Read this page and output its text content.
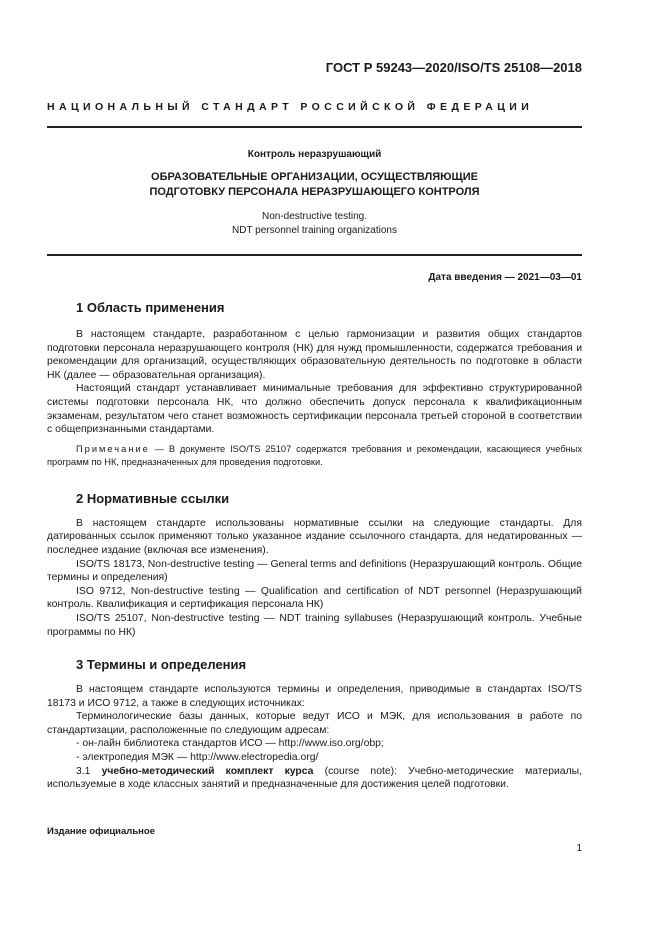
ГОСТ Р 59243—2020/ISO/TS 25108—2018
НАЦИОНАЛЬНЫЙ СТАНДАРТ РОССИЙСКОЙ ФЕДЕРАЦИИ
Контроль неразрушающий
ОБРАЗОВАТЕЛЬНЫЕ ОРГАНИЗАЦИИ, ОСУЩЕСТВЛЯЮЩИЕ
ПОДГОТОВКУ ПЕРСОНАЛА НЕРАЗРУШАЮЩЕГО КОНТРОЛЯ
Non-destructive testing.
NDT personnel training organizations
Дата введения — 2021—03—01
1 Область применения

В настоящем стандарте, разработанном с целью гармонизации и развития общих стандартов подготовки персонала неразрушающего контроля (НК) для нужд промышленности, содержатся требования и рекомендации для организаций, осуществляющих образовательную деятельность по подготовке в области НК (далее — образовательная организация).

Настоящий стандарт устанавливает минимальные требования для эффективно структурированной системы подготовки персонала НК, что должно обеспечить допуск персонала к квалификационным экзаменам, результатом чего станет возможность сертификации персонала третьей стороной в соответствии с общепризнанными стандартами.

Примечание — В документе ISO/TS 25107 содержатся требования и рекомендации, касающиеся учебных программ по НК, предназначенных для проведения подготовки.

2 Нормативные ссылки

В настоящем стандарте использованы нормативные ссылки на следующие стандарты. Для датированных ссылок применяют только указанное издание ссылочного стандарта, для недатированных — последнее издание (включая все изменения).

ISO/TS 18173, Non-destructive testing — General terms and definitions (Неразрушающий контроль. Общие термины и определения)

ISO 9712, Non-destructive testing — Qualification and certification of NDT personnel (Неразрушающий контроль. Квалификация и сертификация персонала НК)

ISO/TS 25107, Non-destructive testing — NDT training syllabuses (Неразрушающий контроль. Учебные программы по НК)

3 Термины и определения

В настоящем стандарте используются термины и определения, приводимые в стандартах ISO/TS 18173 и ИСО 9712, а также в следующих источниках:

Терминологические базы данных, которые ведут ИСО и МЭК, для использования в работе по стандартизации, расположенные по следующим адресам:

- он-лайн библиотека стандартов ИСО — http://www.iso.org/obp;

- электропедия МЭК — http://www.electropedia.org/

3.1 учебно-методический комплект курса (course note): Учебно-методические материалы, используемые в ходе классных занятий и предназначенные для достижения целей подготовки.

Издание официальное
1
